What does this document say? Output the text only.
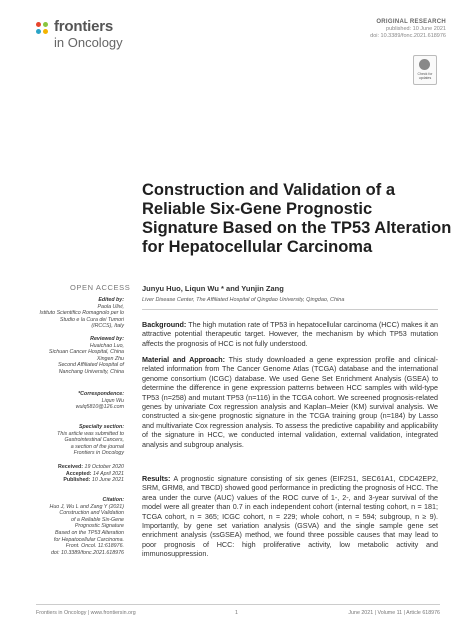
frontiers
in Oncology
ORIGINAL RESEARCH
published: 10 June 2021
doi: 10.3389/fonc.2021.618976
Check for
updates
Construction and Validation of a Reliable Six-Gene Prognostic Signature Based on the TP53 Alteration for Hepatocellular Carcinoma
OPEN ACCESS Junyu Huo, Liqun Wu * and Yunjin Zang
Liver Disease Center, The Affiliated Hospital of Qingdao University, Qingdao, China
Edited by:
Paola Ulivi,
Istituto Scientifico Romagnolo per lo
Studio e la Cura dei Tumori
(IRCCS), Italy
Reviewed by:
Huaichao Luo,
Sichuan Cancer Hospital, China
Xingen Zhu
Second Affiliated Hospital of
Nanchang University, China
*Correspondence:
Liqun Wu
wulq5810@126.com
Specialty section:
This article was submitted to
Gastrointestinal Cancers,
a section of the journal
Frontiers in Oncology
Received: 19 October 2020
Accepted: 14 April 2021
Published: 10 June 2021
Citation:
Huo J, Wu L and Zang Y (2021)
Construction and Validation
of a Reliable Six-Gene
Prognostic Signature
Based on the TP53 Alteration
for Hepatocellular Carcinoma.
Front. Oncol. 11:618976.
doi: 10.3389/fonc.2021.618976
Background: The high mutation rate of TP53 in hepatocellular carcinoma (HCC) makes it an attractive potential therapeutic target. However, the mechanism by which TP53 mutation affects the prognosis of HCC is not fully understood.
Material and Approach: This study downloaded a gene expression profile and clinical-related information from The Cancer Genome Atlas (TCGA) database and the international genome consortium (ICGC) database. We used Gene Set Enrichment Analysis (GSEA) to determine the difference in gene expression patterns between HCC samples with wild-type TP53 (n=258) and mutant TP53 (n=116) in the TCGA cohort. We screened prognosis-related genes by univariate Cox regression analysis and Kaplan–Meier (KM) survival analysis. We constructed a six-gene prognostic signature in the TCGA training group (n=184) by Lasso and multivariate Cox regression analysis. To assess the predictive capability and applicability of the signature in HCC, we conducted internal validation, external validation, integrated analysis and subgroup analysis.
Results: A prognostic signature consisting of six genes (EIF2S1, SEC61A1, CDC42EP2, SRM, GRM8, and TBCD) showed good performance in predicting the prognosis of HCC. The area under the curve (AUC) values of the ROC curve of 1-, 2-, and 3-year survival of the model were all greater than 0.7 in each independent cohort (internal testing cohort, n = 181; TCGA cohort, n = 365; ICGC cohort, n = 229; whole cohort, n = 594; subgroup, n ≥ 9). Importantly, by gene set variation analysis (GSVA) and the single sample gene set enrichment analysis (ssGSEA) method, we found three possible causes that may lead to poor prognosis of HCC: high proliferative activity, low metabolic activity and immunosuppression.
Frontiers in Oncology | www.frontiersin.org	1	June 2021 | Volume 11 | Article 618976
